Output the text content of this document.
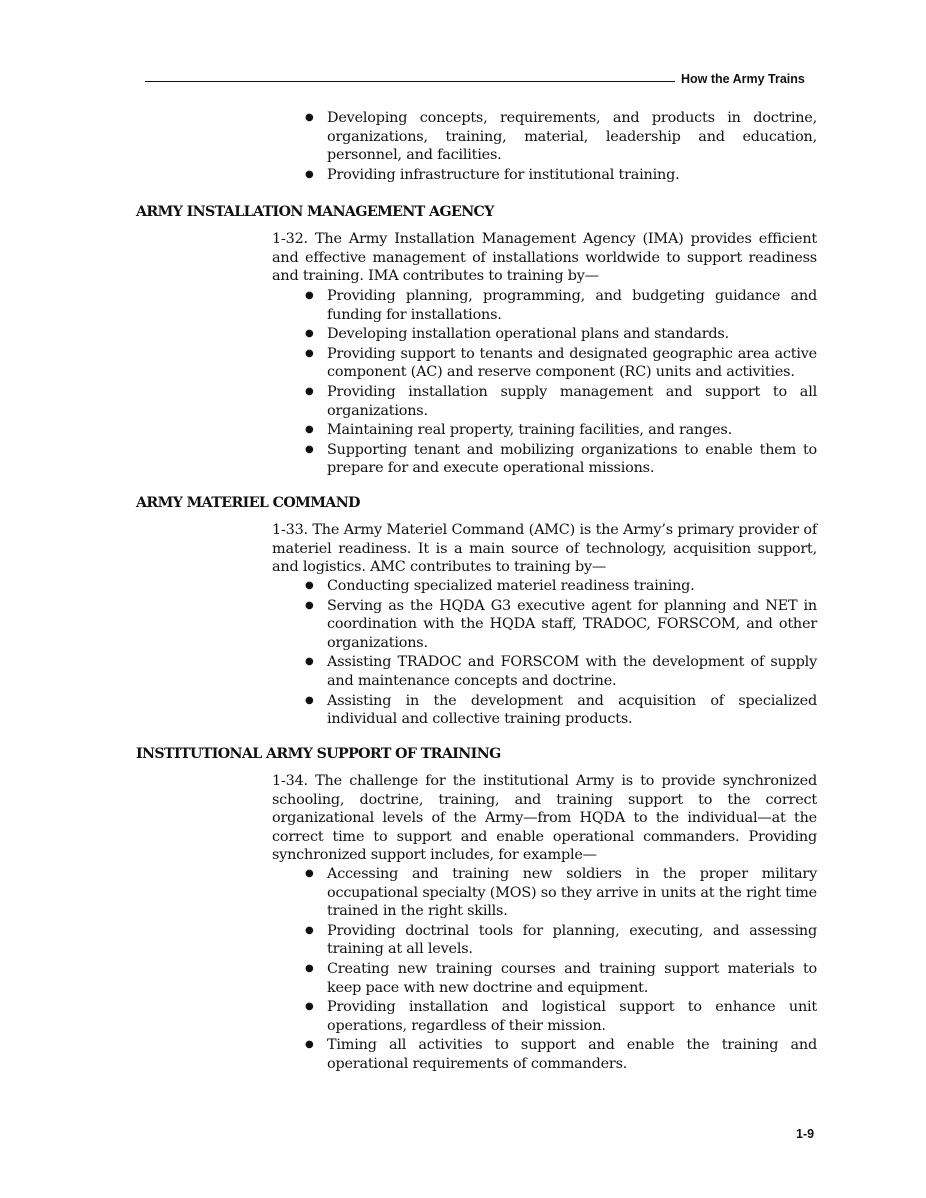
How the Army Trains
● Developing concepts, requirements, and products in doctrine, organizations, training, material, leadership and education, personnel, and facilities.
● Providing infrastructure for institutional training.
ARMY INSTALLATION MANAGEMENT AGENCY

1-32. The Army Installation Management Agency (IMA) provides efficient and effective management of installations worldwide to support readiness and training. IMA contributes to training by—

● Providing planning, programming, and budgeting guidance and funding for installations.
● Developing installation operational plans and standards.
● Providing support to tenants and designated geographic area active component (AC) and reserve component (RC) units and activities.
● Providing installation supply management and support to all organizations.
● Maintaining real property, training facilities, and ranges.
● Supporting tenant and mobilizing organizations to enable them to prepare for and execute operational missions.
ARMY MATERIEL COMMAND

1-33. The Army Materiel Command (AMC) is the Army’s primary provider of materiel readiness. It is a main source of technology, acquisition support, and logistics. AMC contributes to training by—

● Conducting specialized materiel readiness training.
● Serving as the HQDA G3 executive agent for planning and NET in coordination with the HQDA staff, TRADOC, FORSCOM, and other organizations.
● Assisting TRADOC and FORSCOM with the development of supply and maintenance concepts and doctrine.
● Assisting in the development and acquisition of specialized individual and collective training products.
INSTITUTIONAL ARMY SUPPORT OF TRAINING

1-34. The challenge for the institutional Army is to provide synchronized schooling, doctrine, training, and training support to the correct organizational levels of the Army—from HQDA to the individual—at the correct time to support and enable operational commanders. Providing synchronized support includes, for example—

● Accessing and training new soldiers in the proper military occupational specialty (MOS) so they arrive in units at the right time trained in the right skills.
● Providing doctrinal tools for planning, executing, and assessing training at all levels.
● Creating new training courses and training support materials to keep pace with new doctrine and equipment.
● Providing installation and logistical support to enhance unit operations, regardless of their mission.
● Timing all activities to support and enable the training and operational requirements of commanders.
1-9
